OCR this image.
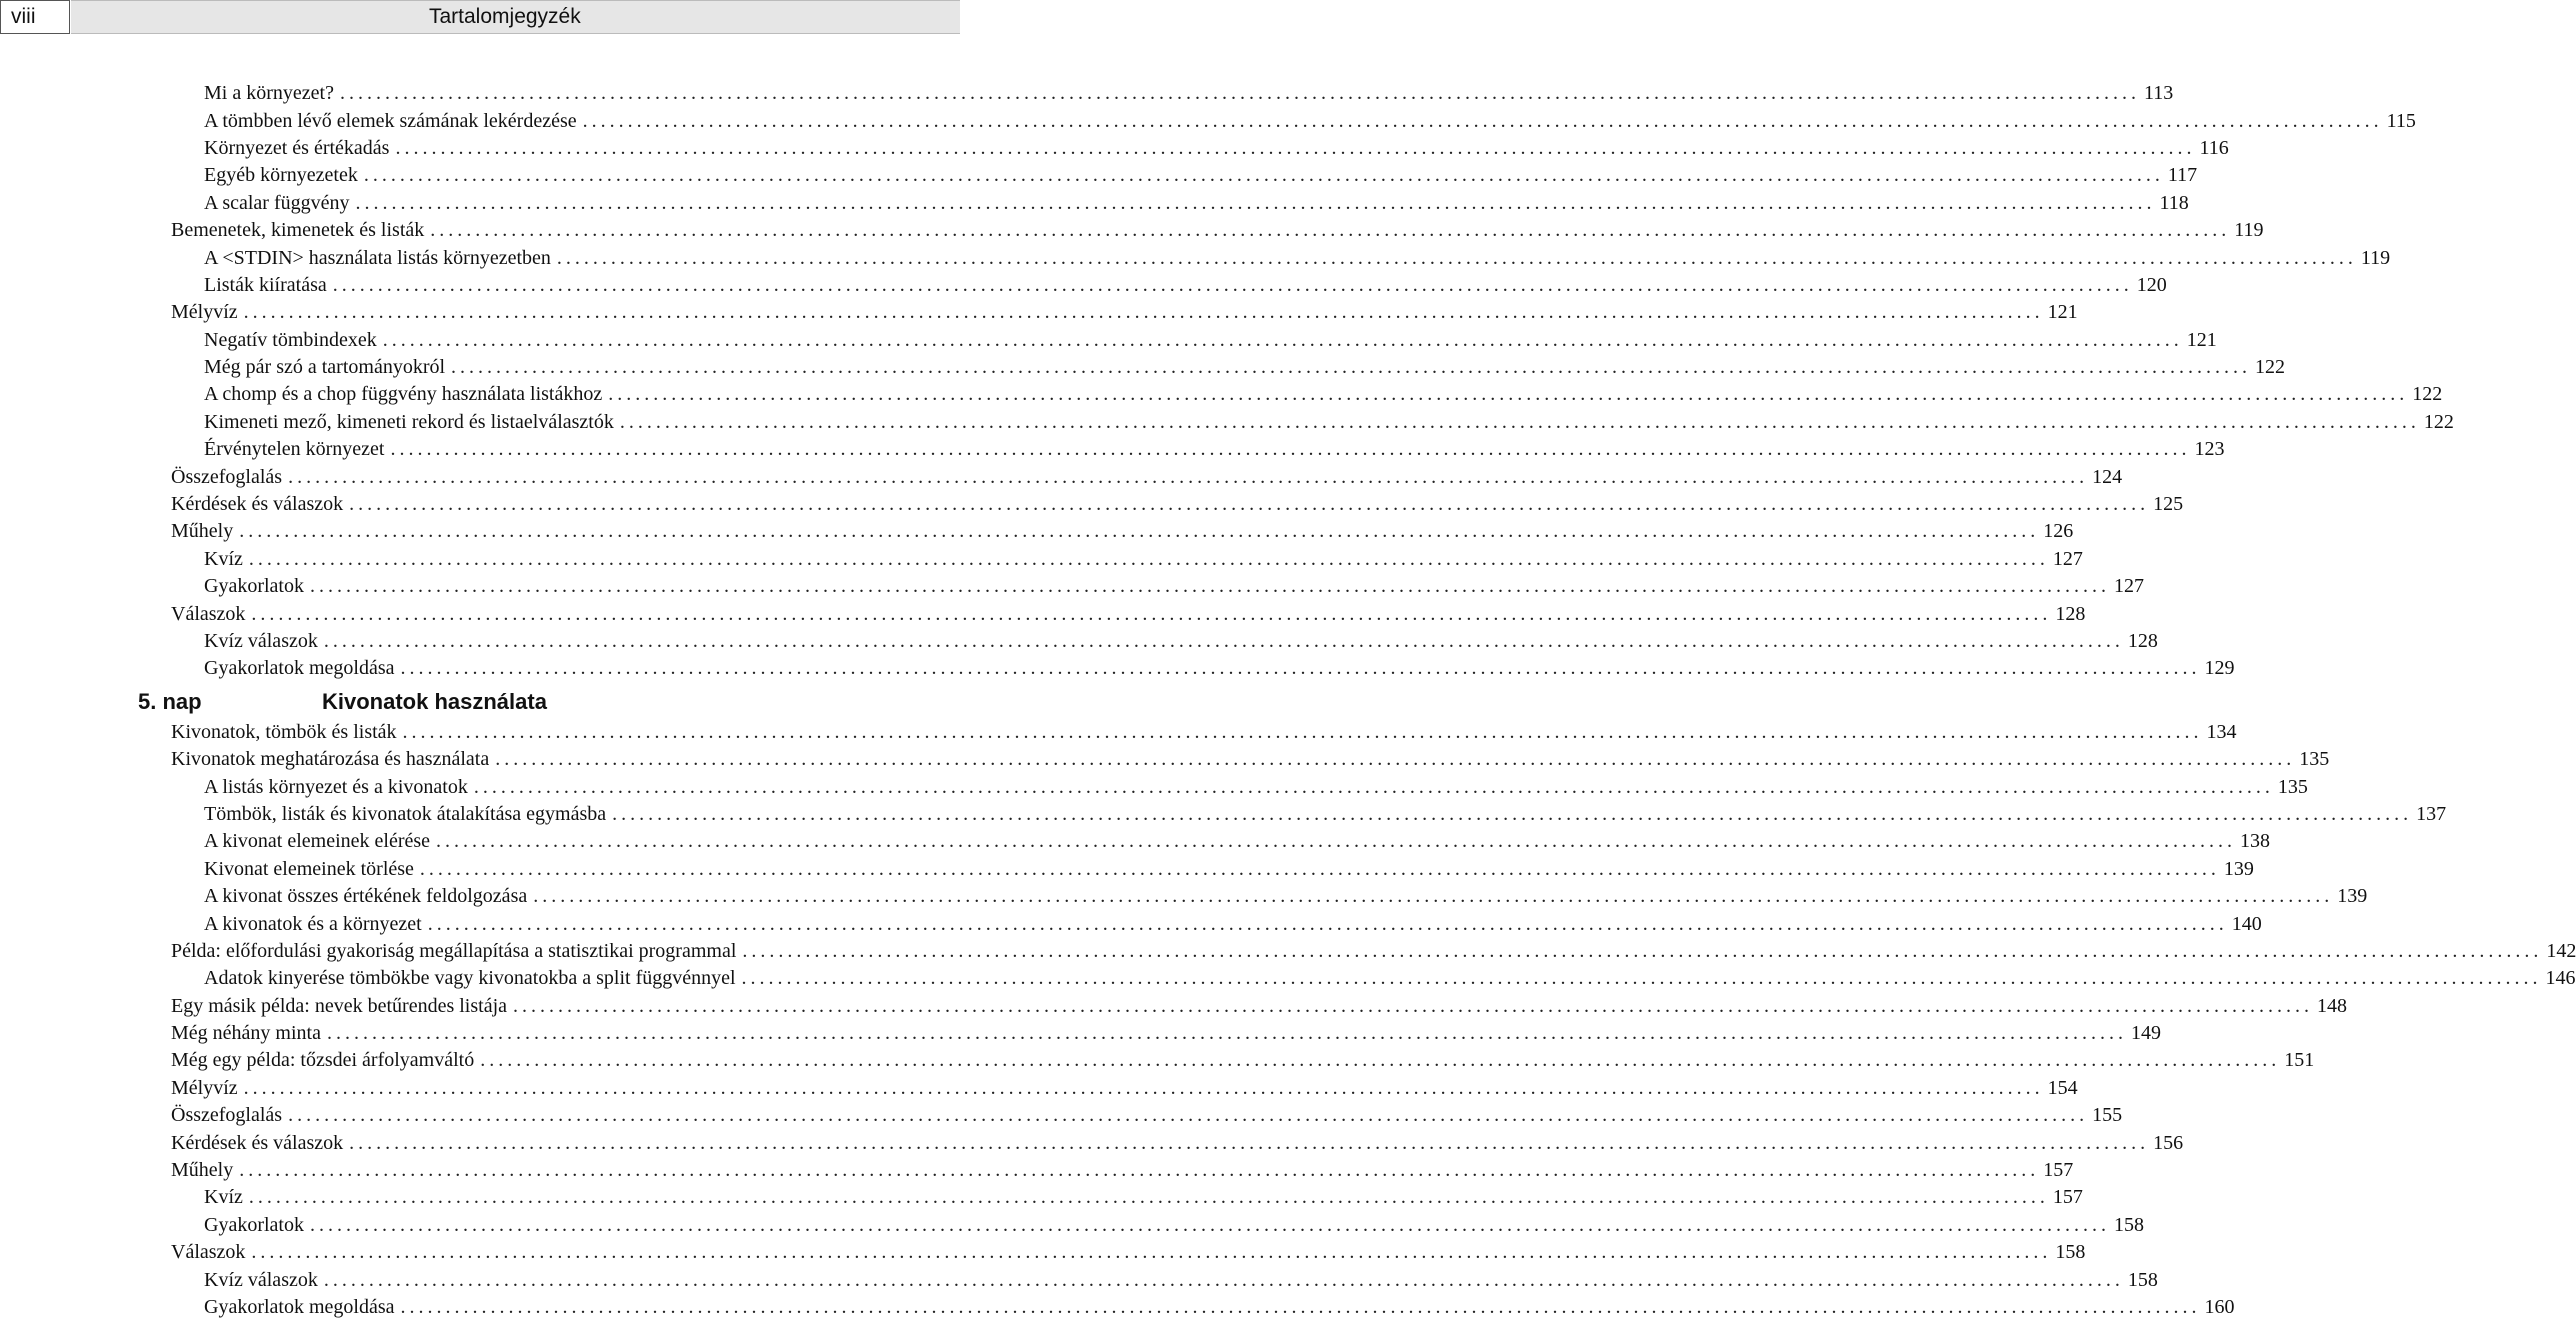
viii	Tartalomjegyzék
Mi a környezet? ........................................................................................................................................................................................................ 113
A tömbben lévő elemek számának lekérdezése ........................................................................................................................................................................................................ 115
Környezet és értékadás ........................................................................................................................................................................................................ 116
Egyéb környezetek ........................................................................................................................................................................................................ 117
A scalar függvény ........................................................................................................................................................................................................ 118
Bemenetek, kimenetek és listák ........................................................................................................................................................................................................ 119
A <STDIN> használata listás környezetben ........................................................................................................................................................................................................ 119
Listák kiíratása ........................................................................................................................................................................................................ 120
Mélyvíz ........................................................................................................................................................................................................ 121
Negatív tömbindexek ........................................................................................................................................................................................................ 121
Még pár szó a tartományokról ........................................................................................................................................................................................................ 122
A chomp és a chop függvény használata listákhoz ........................................................................................................................................................................................................ 122
Kimeneti mező, kimeneti rekord és listaelválasztók ........................................................................................................................................................................................................ 122
Érvénytelen környezet ........................................................................................................................................................................................................ 123
Összefoglalás ........................................................................................................................................................................................................ 124
Kérdések és válaszok ........................................................................................................................................................................................................ 125
Műhely ........................................................................................................................................................................................................ 126
Kvíz ........................................................................................................................................................................................................ 127
Gyakorlatok ........................................................................................................................................................................................................ 127
Válaszok ........................................................................................................................................................................................................ 128
Kvíz válaszok ........................................................................................................................................................................................................ 128
Gyakorlatok megoldása ........................................................................................................................................................................................................ 129
5. nap	Kivonatok használata
Kivonatok, tömbök és listák ........................................................................................................................................................................................................ 134
Kivonatok meghatározása és használata ........................................................................................................................................................................................................ 135
A listás környezet és a kivonatok ........................................................................................................................................................................................................ 135
Tömbök, listák és kivonatok átalakítása egymásba ........................................................................................................................................................................................................ 137
A kivonat elemeinek elérése ........................................................................................................................................................................................................ 138
Kivonat elemeinek törlése ........................................................................................................................................................................................................ 139
A kivonat összes értékének feldolgozása ........................................................................................................................................................................................................ 139
A kivonatok és a környezet ........................................................................................................................................................................................................ 140
Példa: előfordulási gyakoriság megállapítása a statisztikai programmal ........................................................................................................................................................................................................ 142
Adatok kinyerése tömbökbe vagy kivonatokba a split függvénnyel ........................................................................................................................................................................................................ 146
Egy másik példa: nevek betűrendes listája ........................................................................................................................................................................................................ 148
Még néhány minta ........................................................................................................................................................................................................ 149
Még egy példa: tőzsdei árfolyamváltó ........................................................................................................................................................................................................ 151
Mélyvíz ........................................................................................................................................................................................................ 154
Összefoglalás ........................................................................................................................................................................................................ 155
Kérdések és válaszok ........................................................................................................................................................................................................ 156
Műhely ........................................................................................................................................................................................................ 157
Kvíz ........................................................................................................................................................................................................ 157
Gyakorlatok ........................................................................................................................................................................................................ 158
Válaszok ........................................................................................................................................................................................................ 158
Kvíz válaszok ........................................................................................................................................................................................................ 158
Gyakorlatok megoldása ........................................................................................................................................................................................................ 160
